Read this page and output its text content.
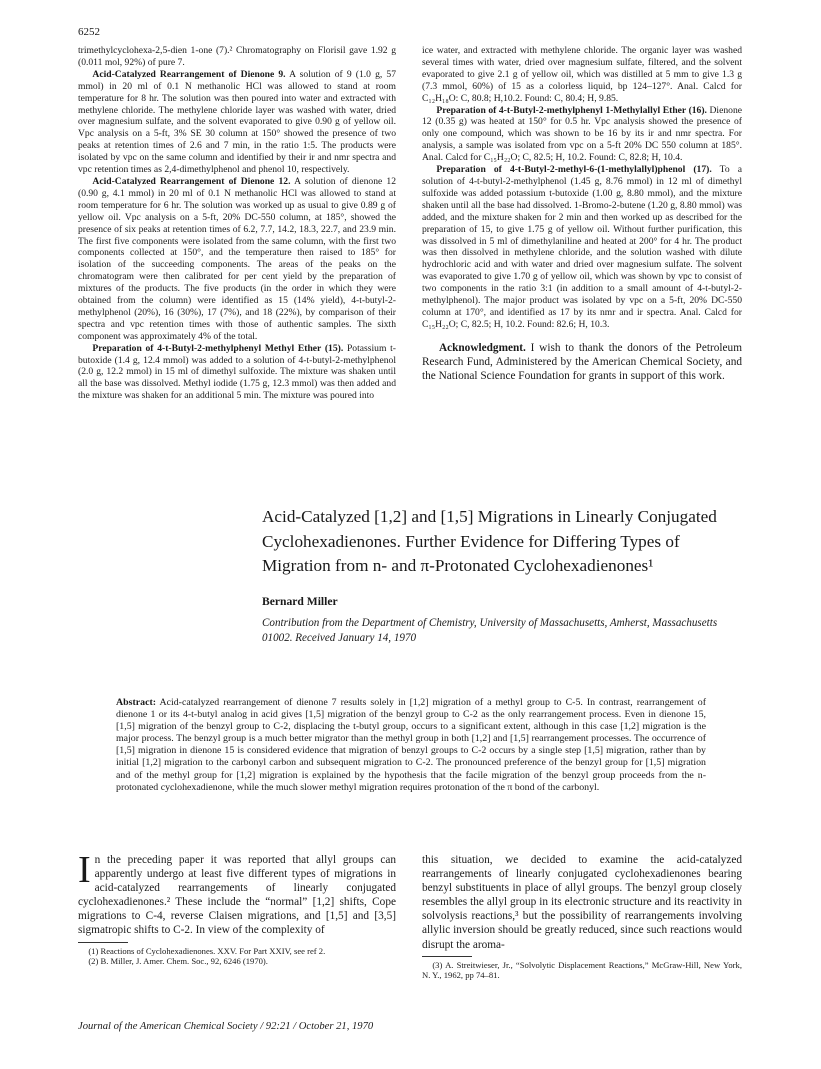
6252

trimethylcyclohexa-2,5-dien 1-one (7).² Chromatography on Florisil gave 1.92 g (0.011 mol, 92%) of pure 7.

Acid-Catalyzed Rearrangement of Dienone 9. A solution of 9 (1.0 g, 57 mmol) in 20 ml of 0.1 N methanolic HCl was allowed to stand at room temperature for 8 hr. The solution was then poured into water and extracted with methylene chloride. The methylene chloride layer was washed with water, dried over magnesium sulfate, and the solvent evaporated to give 0.90 g of yellow oil. Vpc analysis on a 5-ft, 3% SE 30 column at 150° showed the presence of two peaks at retention times of 2.6 and 7 min, in the ratio 1:5. The products were isolated by vpc on the same column and identified by their ir and nmr spectra and vpc retention times as 2,4-dimethylphenol and phenol 10, respectively.

Acid-Catalyzed Rearrangement of Dienone 12. A solution of dienone 12 (0.90 g, 4.1 mmol) in 20 ml of 0.1 N methanolic HCl was allowed to stand at room temperature for 6 hr. The solution was worked up as usual to give 0.89 g of yellow oil. Vpc analysis on a 5-ft, 20% DC-550 column, at 185°, showed the presence of six peaks at retention times of 6.2, 7.7, 14.2, 18.3, 22.7, and 23.9 min. The first five components were isolated from the same column, with the first two components collected at 150°, and the temperature then raised to 185° for isolation of the succeeding components. The areas of the peaks on the chromatogram were then calibrated for per cent yield by the preparation of mixtures of the products. The five products (in the order in which they were obtained from the column) were identified as 15 (14% yield), 4-t-butyl-2-methylphenol (20%), 16 (30%), 17 (7%), and 18 (22%), by comparison of their spectra and vpc retention times with those of authentic samples. The sixth component was approximately 4% of the total.

Preparation of 4-t-Butyl-2-methylphenyl Methyl Ether (15). Potassium t-butoxide (1.4 g, 12.4 mmol) was added to a solution of 4-t-butyl-2-methylphenol (2.0 g, 12.2 mmol) in 15 ml of dimethyl sulfoxide. The mixture was shaken until all the base was dissolved. Methyl iodide (1.75 g, 12.3 mmol) was then added and the mixture was shaken for an additional 5 min. The mixture was poured into

ice water, and extracted with methylene chloride. The organic layer was washed several times with water, dried over magnesium sulfate, filtered, and the solvent evaporated to give 2.1 g of yellow oil, which was distilled at 5 mm to give 1.3 g (7.3 mmol, 60%) of 15 as a colorless liquid, bp 124–127°. Anal. Calcd for C₁₂H₁₈O: C, 80.8; H,10.2. Found: C, 80.4; H, 9.85.

Preparation of 4-t-Butyl-2-methylphenyl 1-Methylallyl Ether (16). Dienone 12 (0.35 g) was heated at 150° for 0.5 hr. Vpc analysis showed the presence of only one compound, which was shown to be 16 by its ir and nmr spectra. For analysis, a sample was isolated from vpc on a 5-ft 20% DC 550 column at 185°. Anal. Calcd for C₁₅H₂₂O; C, 82.5; H, 10.2. Found: C, 82.8; H, 10.4.

Preparation of 4-t-Butyl-2-methyl-6-(1-methylallyl)phenol (17). To a solution of 4-t-butyl-2-methylphenol (1.45 g, 8.76 mmol) in 12 ml of dimethyl sulfoxide was added potassium t-butoxide (1.00 g, 8.80 mmol), and the mixture shaken until all the base had dissolved. 1-Bromo-2-butene (1.20 g, 8.80 mmol) was added, and the mixture shaken for 2 min and then worked up as described for the preparation of 15, to give 1.75 g of yellow oil. Without further purification, this was dissolved in 5 ml of dimethylaniline and heated at 200° for 4 hr. The product was then dissolved in methylene chloride, and the solution washed with dilute hydrochloric acid and with water and dried over magnesium sulfate. The solvent was evaporated to give 1.70 g of yellow oil, which was shown by vpc to consist of two components in the ratio 3:1 (in addition to a small amount of 4-t-butyl-2-methylphenol). The major product was isolated by vpc on a 5-ft, 20% DC-550 column at 170°, and identified as 17 by its nmr and ir spectra. Anal. Calcd for C₁₅H₂₂O; C, 82.5; H, 10.2. Found: 82.6; H, 10.3.

Acknowledgment. I wish to thank the donors of the Petroleum Research Fund, Administered by the American Chemical Society, and the National Science Foundation for grants in support of this work.

Acid-Catalyzed [1,2] and [1,5] Migrations in Linearly Conjugated Cyclohexadienones. Further Evidence for Differing Types of Migration from n- and π-Protonated Cyclohexadienones¹
Bernard Miller

Contribution from the Department of Chemistry, University of Massachusetts, Amherst, Massachusetts 01002. Received January 14, 1970

Abstract: Acid-catalyzed rearrangement of dienone 7 results solely in [1,2] migration of a methyl group to C-5. In contrast, rearrangement of dienone 1 or its 4-t-butyl analog in acid gives [1,5] migration of the benzyl group to C-2 as the only rearrangement process. Even in dienone 15, [1,5] migration of the benzyl group to C-2, displacing the t-butyl group, occurs to a significant extent, although in this case [1,2] migration is the major process. The benzyl group is a much better migrator than the methyl group in both [1,2] and [1,5] rearrangement processes. The occurrence of [1,5] migration in dienone 15 is considered evidence that migration of benzyl groups to C-2 occurs by a single step [1,5] migration, rather than by initial [1,2] migration to the carbonyl carbon and subsequent migration to C-2. The pronounced preference of the benzyl group for [1,5] migration and of the methyl group for [1,2] migration is explained by the hypothesis that the facile migration of the benzyl group proceeds from the n-protonated cyclohexadienone, while the much slower methyl migration requires protonation of the π bond of the carbonyl.

In the preceding paper it was reported that allyl groups can apparently undergo at least five different types of migrations in acid-catalyzed rearrangements of linearly conjugated cyclohexadienones.² These include the “normal” [1,2] shifts, Cope migrations to C-4, reverse Claisen migrations, and [1,5] and [3,5] sigmatropic shifts to C-2. In view of the complexity of

(1) Reactions of Cyclohexadienones. XXV. For Part XXIV, see ref 2.

(2) B. Miller, J. Amer. Chem. Soc., 92, 6246 (1970).

this situation, we decided to examine the acid-catalyzed rearrangements of linearly conjugated cyclohexadienones bearing benzyl substituents in place of allyl groups. The benzyl group closely resembles the allyl group in its electronic structure and its reactivity in solvolysis reactions,³ but the possibility of rearrangements involving allylic inversion should be greatly reduced, since such reactions would disrupt the aroma-

(3) A. Streitwieser, Jr., “Solvolytic Displacement Reactions,” McGraw-Hill, New York, N. Y., 1962, pp 74–81.

Journal of the American Chemical Society / 92:21 / October 21, 1970
